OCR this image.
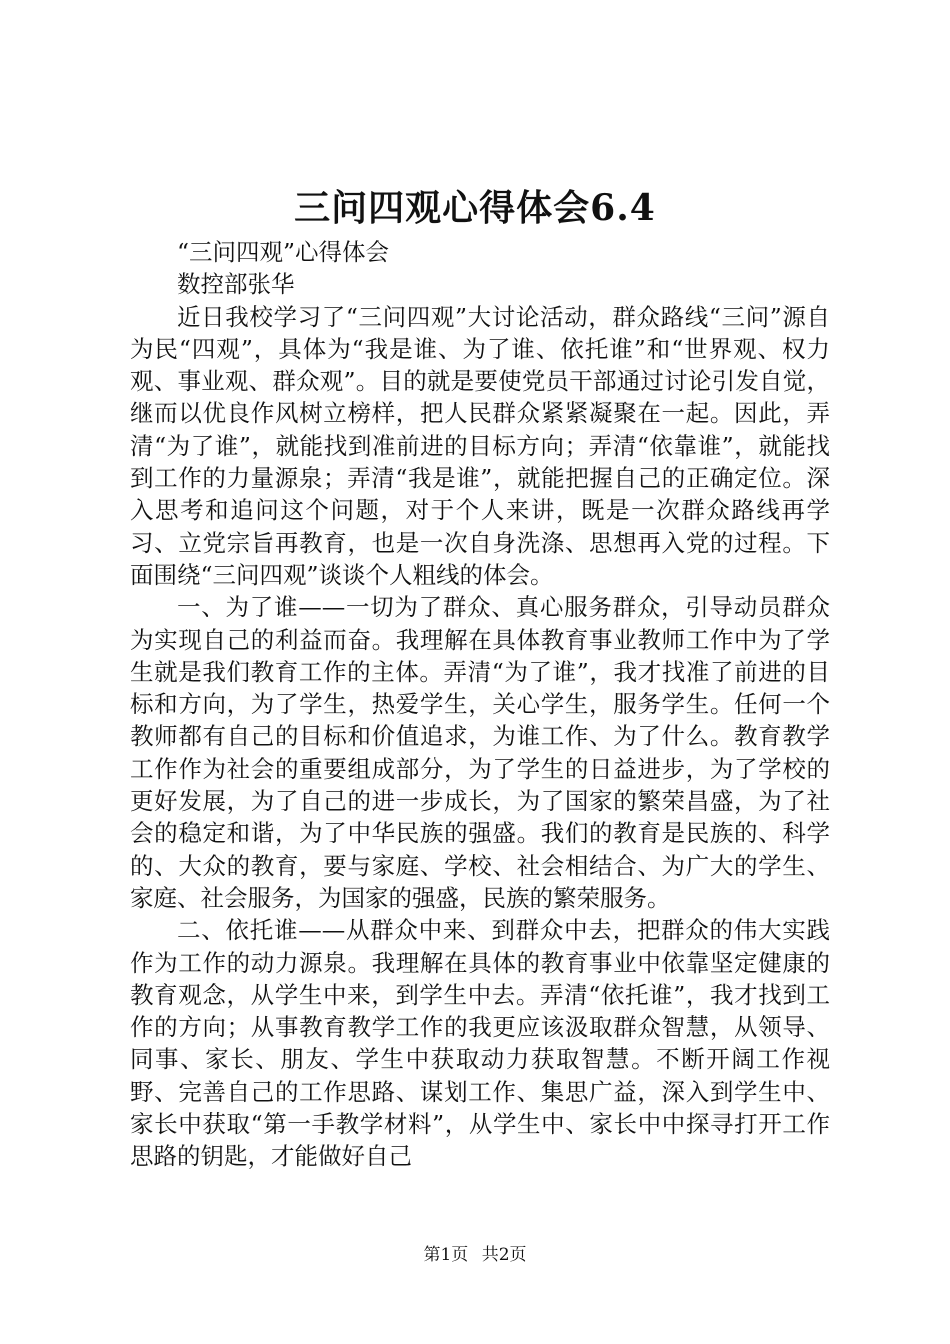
三问四观心得体会6.4

“三问四观”心得体会

数控部张华

近日我校学习了“三问四观”大讨论活动，群众路线“三问”源自为民“四观”，具体为“我是谁、为了谁、依托谁”和“世界观、权力观、事业观、群众观”。目的就是要使党员干部通过讨论引发自觉，继而以优良作风树立榜样，把人民群众紧紧凝聚在一起。因此，弄清“为了谁”，就能找到准前进的目标方向；弄清“依靠谁”，就能找到工作的力量源泉；弄清“我是谁”，就能把握自己的正确定位。深入思考和追问这个问题，对于个人来讲，既是一次群众路线再学习、立党宗旨再教育，也是一次自身洗涤、思想再入党的过程。下面围绕“三问四观”谈谈个人粗线的体会。

一、为了谁——一切为了群众、真心服务群众，引导动员群众为实现自己的利益而奋。我理解在具体教育事业教师工作中为了学生就是我们教育工作的主体。弄清“为了谁”，我才找准了前进的目标和方向，为了学生，热爱学生，关心学生，服务学生。任何一个教师都有自己的目标和价值追求，为谁工作、为了什么。教育教学工作作为社会的重要组成部分，为了学生的日益进步，为了学校的更好发展，为了自己的进一步成长，为了国家的繁荣昌盛，为了社会的稳定和谐，为了中华民族的强盛。我们的教育是民族的、科学的、大众的教育，要与家庭、学校、社会相结合、为广大的学生、家庭、社会服务，为国家的强盛，民族的繁荣服务。

二、依托谁——从群众中来、到群众中去，把群众的伟大实践作为工作的动力源泉。我理解在具体的教育事业中依靠坚定健康的教育观念，从学生中来，到学生中去。弄清“依托谁”，我才找到工作的方向；从事教育教学工作的我更应该汲取群众智慧，从领导、同事、家长、朋友、学生中获取动力获取智慧。不断开阔工作视野、完善自己的工作思路、谋划工作、集思广益，深入到学生中、家长中获取“第一手教学材料”，从学生中、家长中中探寻打开工作思路的钥匙，才能做好自己

第1页 共2页
